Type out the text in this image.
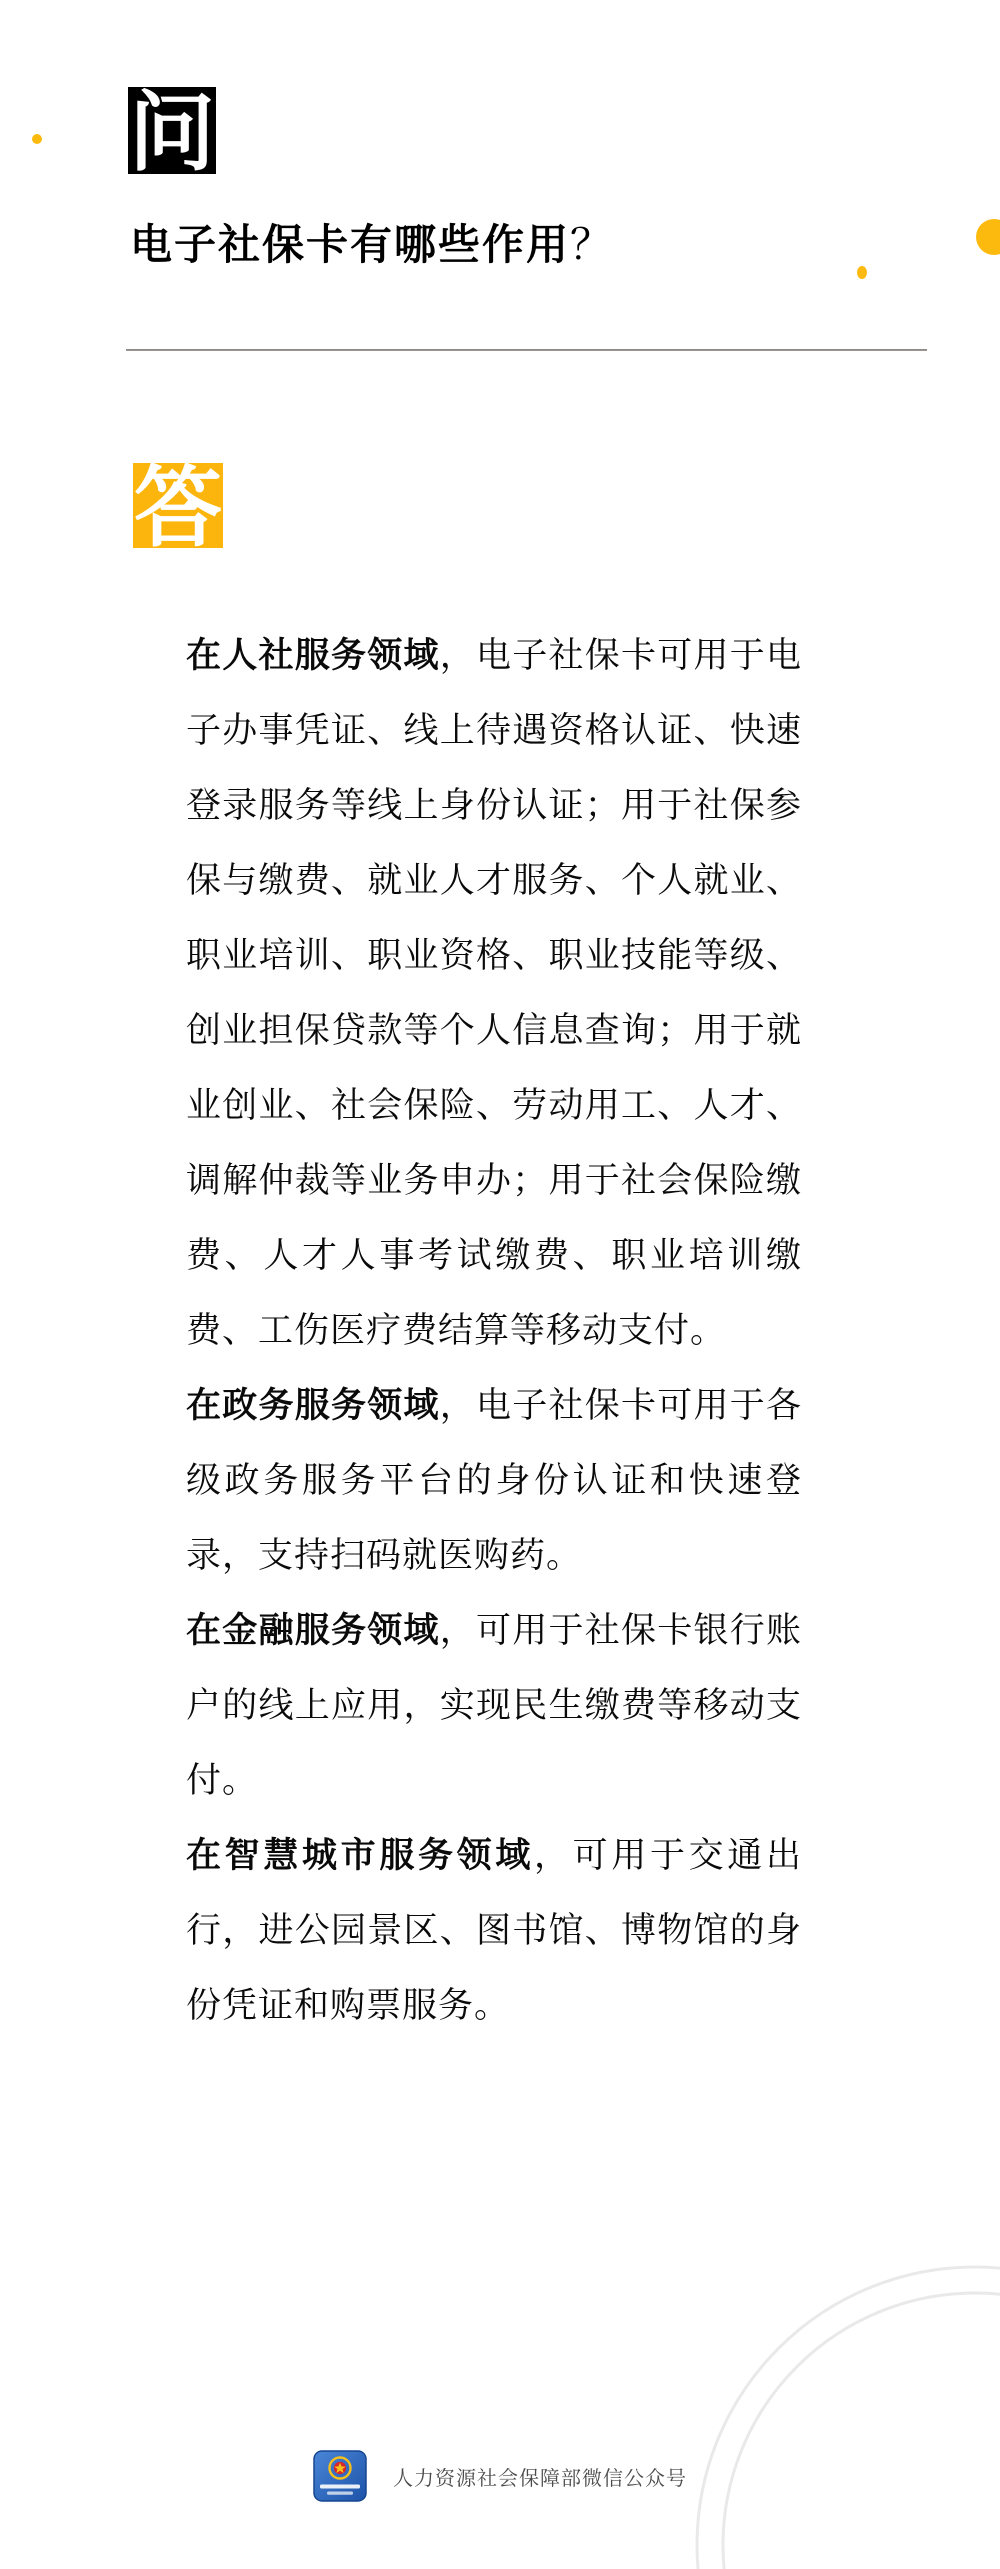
问
电子社保卡有哪些作用？
答

在人社服务领域，电子社保卡可用于电子办事凭证、线上待遇资格认证、快速登录服务等线上身份认证；用于社保参保与缴费、就业人才服务、个人就业、职业培训、职业资格、职业技能等级、创业担保贷款等个人信息查询；用于就业创业、社会保险、劳动用工、人才、调解仲裁等业务申办；用于社会保险缴费、人才人事考试缴费、职业培训缴费、工伤医疗费结算等移动支付。

在政务服务领域，电子社保卡可用于各级政务服务平台的身份认证和快速登录，支持扫码就医购药。

在金融服务领域，可用于社保卡银行账户的线上应用，实现民生缴费等移动支付。

在智慧城市服务领域，可用于交通出行，进公园景区、图书馆、博物馆的身份凭证和购票服务。

人力资源社会保障部微信公众号
